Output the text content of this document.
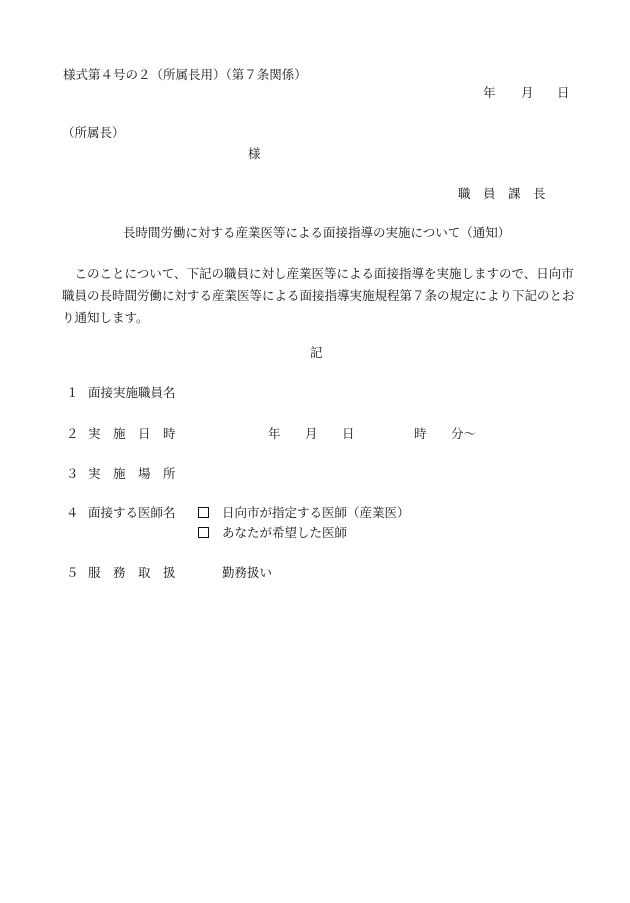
様式第４号の２（所属長用）（第７条関係）
年 月 日
（所属長）
様
職　員　課　長
長時間労働に対する産業医等による面接指導の実施について（通知）

　このことについて、下記の職員に対し産業医等による面接指導を実施しますので、日向市

職員の長時間労働に対する産業医等による面接指導実施規程第７条の規定により下記のとお

り通知します。

記
１ 面接実施職員名
２ 実　施　日　時	年 月 日	時 分～
３ 実　施　場　所
４ 面接する医師名	日向市が指定する医師（産業医）
あなたが希望した医師
５ 服　務　取　扱	勤務扱い
